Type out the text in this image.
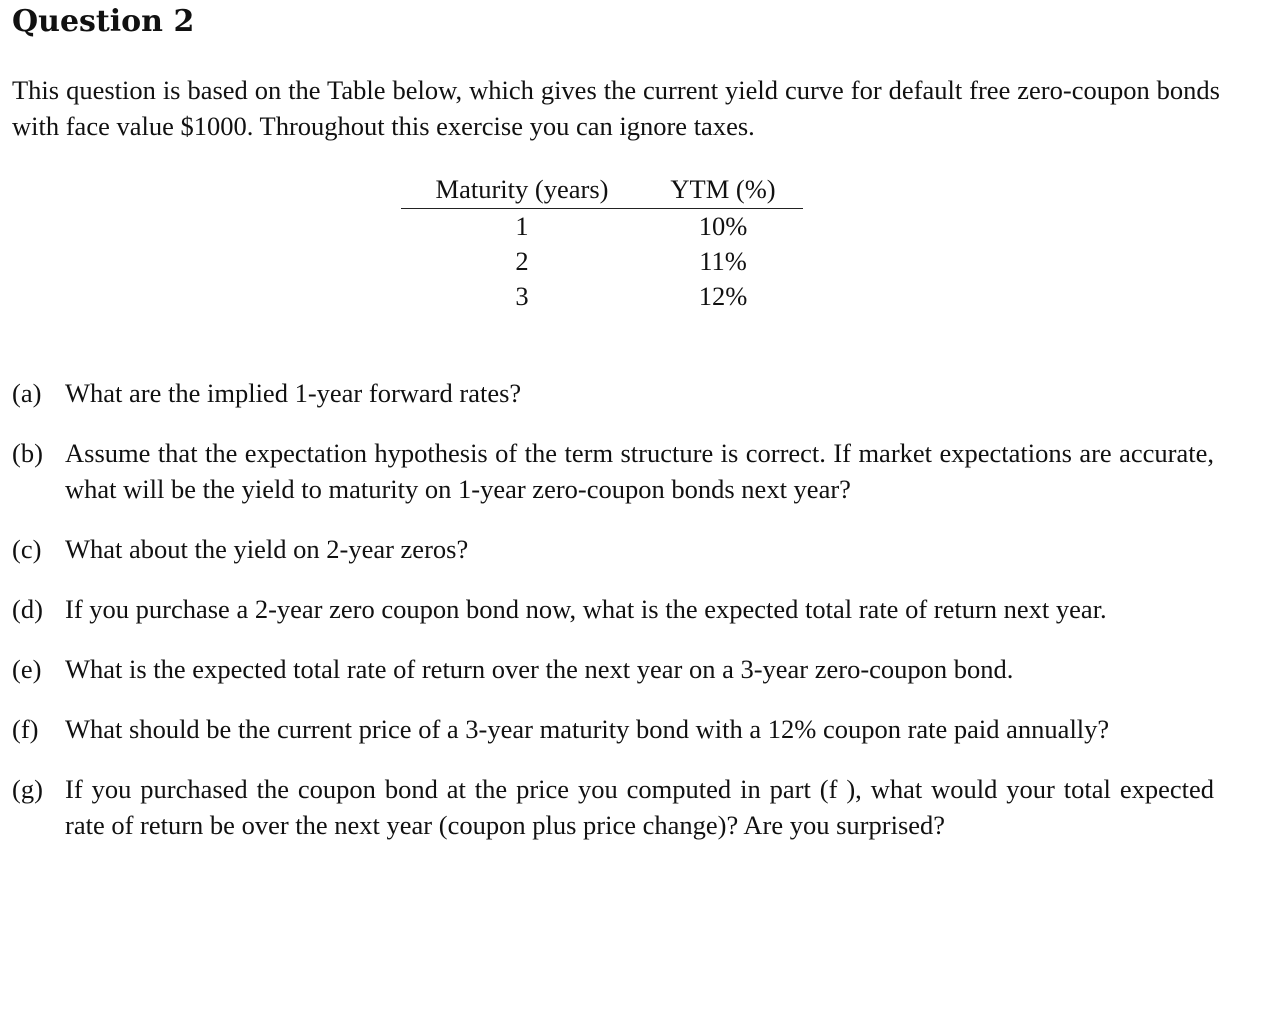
Question 2

This question is based on the Table below, which gives the current yield curve for default free zero-coupon bonds with face value $1000. Throughout this exercise you can ignore taxes.

Maturity (years)	YTM (%)
1	10%
2	11%
3	12%
(a) What are the implied 1-year forward rates?
(b) Assume that the expectation hypothesis of the term structure is correct. If market expectations are accurate, what will be the yield to maturity on 1-year zero-coupon bonds next year?
(c) What about the yield on 2-year zeros?
(d) If you purchase a 2-year zero coupon bond now, what is the expected total rate of return next year.
(e) What is the expected total rate of return over the next year on a 3-year zero-coupon bond.
(f) What should be the current price of a 3-year maturity bond with a 12% coupon rate paid annually?
(g) If you purchased the coupon bond at the price you computed in part (f ), what would your total expected rate of return be over the next year (coupon plus price change)? Are you surprised?
